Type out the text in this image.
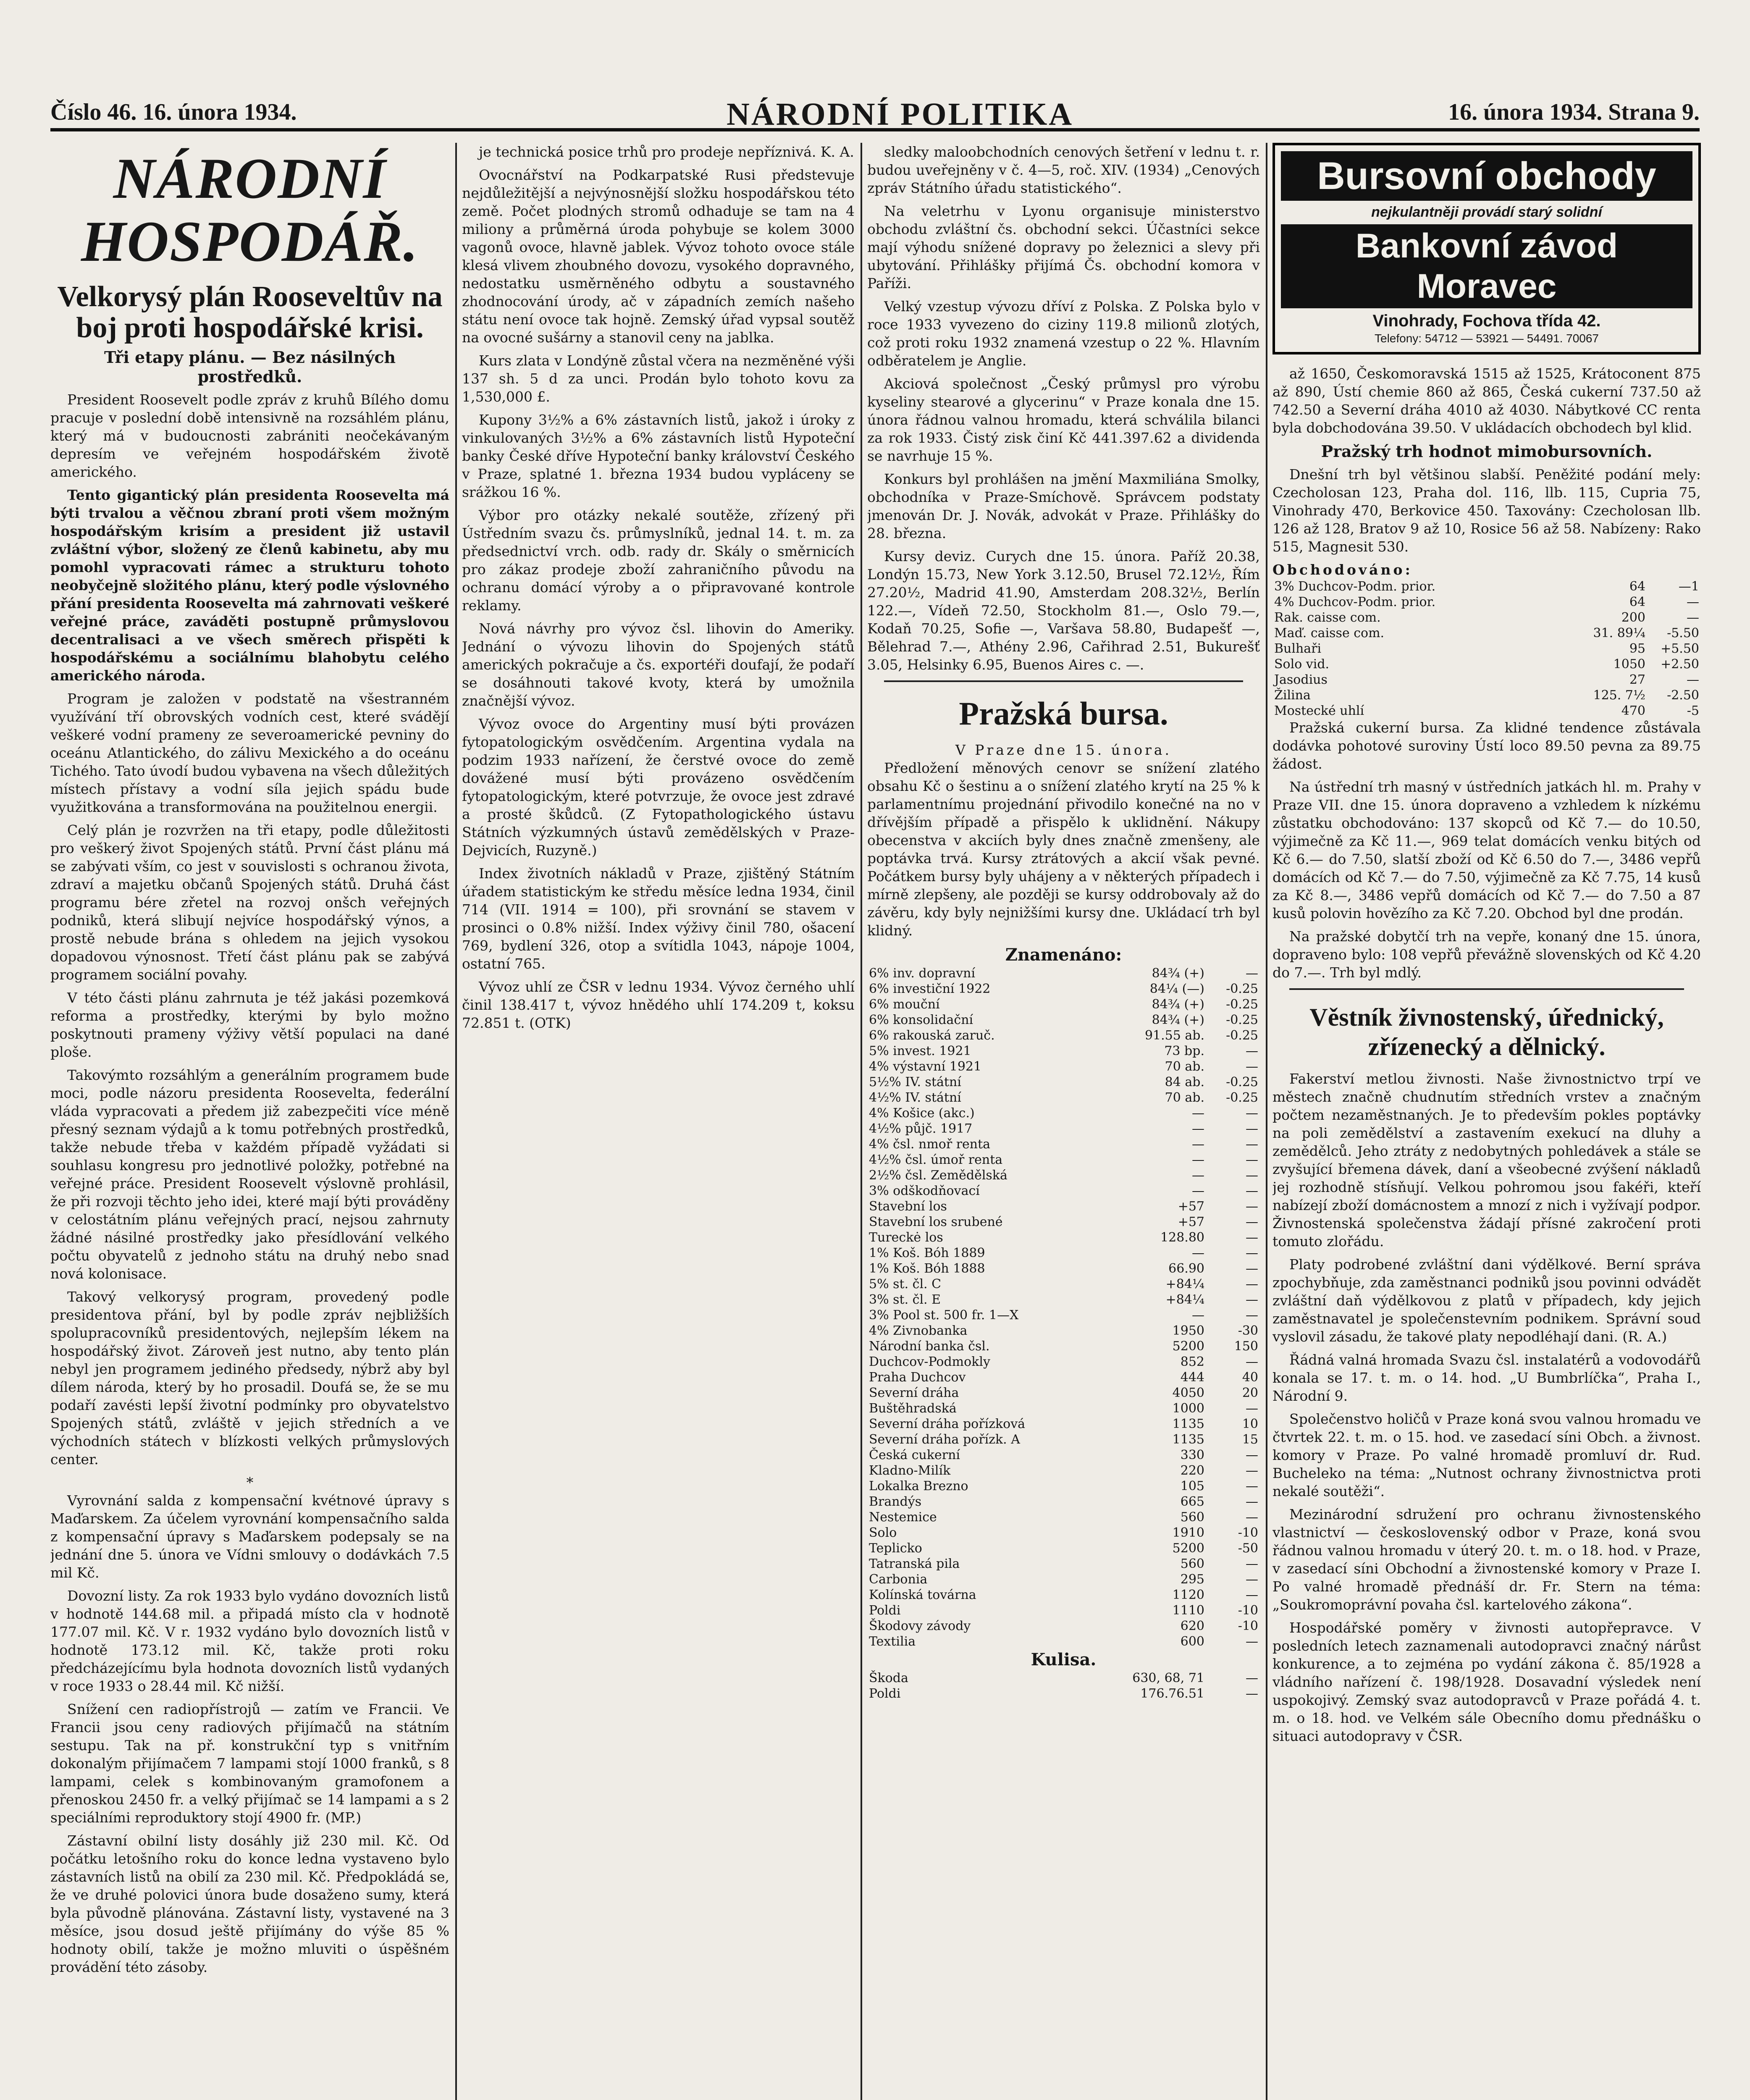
Číslo 46. 16. února 1934.	NÁRODNÍ POLITIKA	16. února 1934. Strana 9.
NÁRODNÍ HOSPODÁŘ.
Velkorysý plán Rooseveltův na boj proti hospodářské krisi.
Tři etapy plánu. — Bez násilných prostředků.

President Roosevelt podle zpráv z kruhů Bílého domu pracuje v poslední době intensivně na rozsáhlém plánu, který má v budoucnosti zabrániti neočekávaným depresím ve veřejném hospodářském životě amerického.

Tento gigantický plán presidenta Roosevelta má býti trvalou a věčnou zbraní proti všem možným hospodářským krisím a president již ustavil zvláštní výbor, složený ze členů kabinetu, aby mu pomohl vypracovati rámec a strukturu tohoto neobyčejně složitého plánu, který podle výslovného přání presidenta Roosevelta má zahrnovati veškeré veřejné práce, zaváděti postupně průmyslovou decentralisaci a ve všech směrech přispěti k hospodářskému a sociálnímu blahobytu celého amerického národa.

Program je založen v podstatě na všestranném využívání tří obrovských vodních cest, které svádějí veškeré vodní prameny ze severoamerické pevniny do oceánu Atlantického, do zálivu Mexického a do oceánu Tichého. Tato úvodí budou vybavena na všech důležitých místech přístavy a vodní síla jejich spádu bude využitkována a transformována na použitelnou energii.

Celý plán je rozvržen na tři etapy, podle důležitosti pro veškerý život Spojených států. První část plánu má se zabývati vším, co jest v souvislosti s ochranou života, zdraví a majetku občanů Spojených států. Druhá část programu bére zřetel na rozvoj onšch veřejných podniků, která slibují nejvíce hospodářský výnos, a prostě nebude brána s ohledem na jejich vysokou dopadovou výnosnost. Třetí část plánu pak se zabývá programem sociální povahy.

V této části plánu zahrnuta je též jakási pozemková reforma a prostředky, kterými by bylo možno poskytnouti prameny výživy větší populaci na dané ploše.

Takovýmto rozsáhlým a generálním programem bude moci, podle názoru presidenta Roosevelta, federální vláda vypracovati a předem již zabezpečiti více méně přesný seznam výdajů a k tomu potřebných prostředků, takže nebude třeba v každém případě vyžádati si souhlasu kongresu pro jednotlivé položky, potřebné na veřejné práce. President Roosevelt výslovně prohlásil, že při rozvoji těchto jeho idei, které mají býti prováděny v celostátním plánu veřejných prací, nejsou zahrnuty žádné násilné prostředky jako přesídlování velkého počtu obyvatelů z jednoho státu na druhý nebo snad nová kolonisace.

Takový velkorysý program, provedený podle presidentova přání, byl by podle zpráv nejbližších spolupracovníků presidentových, nejlepším lékem na hospodářský život. Zároveň jest nutno, aby tento plán nebyl jen programem jediného předsedy, nýbrž aby byl dílem národa, který by ho prosadil. Doufá se, že se mu podaří zavésti lepší životní podmínky pro obyvatelstvo Spojených států, zvláště v jejich středních a ve východních státech v blízkosti velkých průmyslových center.

*

Vyrovnání salda z kompensační kvétnové úpravy s Maďarskem. Za účelem vyrovnání kompensačního salda z kompensační úpravy s Maďarskem podepsaly se na jednání dne 5. února ve Vídni smlouvy o dodávkách 7.5 mil Kč.

Dovozní listy. Za rok 1933 bylo vydáno dovozních listů v hodnotě 144.68 mil. a připadá místo cla v hodnotě 177.07 mil. Kč. V r. 1932 vydáno bylo dovozních listů v hodnotě 173.12 mil. Kč, takže proti roku předcházejícímu byla hodnota dovozních listů vydaných v roce 1933 o 28.44 mil. Kč nižší.

Snížení cen radiopřístrojů — zatím ve Francii. Ve Francii jsou ceny radiových přijímačů na státním sestupu. Tak na př. konstrukční typ s vnitřním dokonalým přijímačem 7 lampami stojí 1000 franků, s 8 lampami, celek s kombinovaným gramofonem a přenoskou 2450 fr. a velký přijímač se 14 lampami a s 2 speciálními reproduktory stojí 4900 fr. (MP.)

Zástavní obilní listy dosáhly již 230 mil. Kč. Od počátku letošního roku do konce ledna vystaveno bylo zástavních listů na obilí za 230 mil. Kč. Předpokládá se, že ve druhé polovici února bude dosaženo sumy, která byla původně plánována. Zástavní listy, vystavené na 3 měsíce, jsou dosud ještě přijímány do výše 85 % hodnoty obilí, takže je možno mluviti o úspěšném provádění této zásoby.

je technická posice trhů pro prodeje nepříznivá. K. A.

Ovocnářství na Podkarpatské Rusi předstevuje nejdůležitější a nejvýnosnější složku hospodářskou této země. Počet plodných stromů odhaduje se tam na 4 miliony a průměrná úroda pohybuje se kolem 3000 vagonů ovoce, hlavně jablek. Vývoz tohoto ovoce stále klesá vlivem zhoubného dovozu, vysokého dopravného, nedostatku usměrněného odbytu a soustavného zhodnocování úrody, ač v západních zemích našeho státu není ovoce tak hojně. Zemský úřad vypsal soutěž na ovocné sušárny a stanovil ceny na jablka.

Kurs zlata v Londýně zůstal včera na nezměněné výši 137 sh. 5 d za unci. Prodán bylo tohoto kovu za 1,530,000 £.

Kupony 3½% a 6% zástavních listů, jakož i úroky z vinkulovaných 3½% a 6% zástavních listů Hypoteční banky České dříve Hypoteční banky království Českého v Praze, splatné 1. března 1934 budou vypláceny se srážkou 16 %.

Výbor pro otázky nekalé soutěže, zřízený při Ústředním svazu čs. průmyslníků, jednal 14. t. m. za předsednictví vrch. odb. rady dr. Skály o směrnicích pro zákaz prodeje zboží zahraničního původu na ochranu domácí výroby a o připravované kontrole reklamy.

Nová návrhy pro vývoz čsl. lihovin do Ameriky. Jednání o vývozu lihovin do Spojených států amerických pokračuje a čs. exportéři doufají, že podaří se dosáhnouti takové kvoty, která by umožnila značnější vývoz.

Vývoz ovoce do Argentiny musí býti provázen fytopatologickým osvědčením. Argentina vydala na podzim 1933 nařízení, že čerstvé ovoce do země dovážené musí býti provázeno osvědčením fytopatologickým, které potvrzuje, že ovoce jest zdravé a prosté škůdců. (Z Fytopathologického ústavu Státních výzkumných ústavů zemědělských v Praze-Dejvicích, Ruzyně.)

Index životních nákladů v Praze, zjištěný Státním úřadem statistickým ke středu měsíce ledna 1934, činil 714 (VII. 1914 = 100), při srovnání se stavem v prosinci o 0.8% nižší. Index výživy činil 780, ošacení 769, bydlení 326, otop a svítidla 1043, nápoje 1004, ostatní 765.

Vývoz uhlí ze ČSR v lednu 1934. Vývoz černého uhlí činil 138.417 t, vývoz hnědého uhlí 174.209 t, koksu 72.851 t. (OTK)

sledky maloobchodních cenových šetření v lednu t. r. budou uveřejněny v č. 4—5, roč. XIV. (1934) „Cenových zpráv Státního úřadu statistického“.

Na veletrhu v Lyonu organisuje ministerstvo obchodu zvláštní čs. obchodní sekci. Účastníci sekce mají výhodu snížené dopravy po železnici a slevy při ubytování. Přihlášky přijímá Čs. obchodní komora v Paříži.

Velký vzestup vývozu dříví z Polska. Z Polska bylo v roce 1933 vyvezeno do ciziny 119.8 milionů zlotých, což proti roku 1932 znamená vzestup o 22 %. Hlavním odběratelem je Anglie.

Akciová společnost „Český průmysl pro výrobu kyseliny stearové a glycerinu“ v Praze konala dne 15. února řádnou valnou hromadu, která schválila bilanci za rok 1933. Čistý zisk činí Kč 441.397.62 a dividenda se navrhuje 15 %.

Konkurs byl prohlášen na jmění Maxmiliána Smolky, obchodníka v Praze-Smíchově. Správcem podstaty jmenován Dr. J. Novák, advokát v Praze. Přihlášky do 28. března.

Kursy deviz. Curych dne 15. února. Paříž 20.38, Londýn 15.73, New York 3.12.50, Brusel 72.12½, Řím 27.20½, Madrid 41.90, Amsterdam 208.32½, Berlín 122.—, Vídeň 72.50, Stockholm 81.—, Oslo 79.—, Kodaň 70.25, Sofie —, Varšava 58.80, Budapešť —, Bělehrad 7.—, Athény 2.96, Cařihrad 2.51, Bukurešť 3.05, Helsinky 6.95, Buenos Aires c. —.

Pražská bursa.
V Praze dne 15. února.

Předložení měnových cenovr se snížení zlatého obsahu Kč o šestinu a o snížení zlatého krytí na 25 % k parlamentnímu projednání přivodilo konečné na no v dřívějším případě a přispělo k uklidnění. Nákupy obecenstva v akciích byly dnes značně zmenšeny, ale poptávka trvá. Kursy ztrátových a akcií však pevné. Počátkem bursy byly uhájeny a v některých případech i mírně zlepšeny, ale později se kursy oddrobovaly až do závěru, kdy byly nejnižšími kursy dne. Ukládací trh byl klidný.

Znamenáno:
6% inv. dopravní	84¾ (+)	—
6% investiční 1922	84¼ (—)	-0.25
6% mouční	84¾ (+)	-0.25
6% konsolidační	84¾ (+)	-0.25
6% rakouská zaruč.	91.55 ab.	-0.25
5% invest. 1921	73 bp.	—
4% výstavní 1921	70 ab.	—
5½% IV. státní	84 ab.	-0.25
4½% IV. státní	70 ab.	-0.25
4% Košice (akc.)	—	—
4½% půjč. 1917	—	—
4% čsl. nmoř renta	—	—
4½% čsl. úmoř renta	—	—
2½% čsl. Zemědělská	—	—
3% odškodňovací	—	—
Stavební los	+57	—
Stavební los srubené	+57	—
Tureckė los	128.80	—
1% Koš. Bóh 1889	—	—
1% Koš. Bóh 1888	66.90	—
5% st. čl. C	+84¼	—
3% st. čl. E	+84¼	—
3% Pool st. 500 fr. 1—X	—	—
4% Zivnobanka	1950	-30
Národní banka čsl.	5200	150
Duchcov-Podmokly	852	—
Praha Duchcov	444	40
Severní dráha	4050	20
Buštěhradská	1000	—
Severní dráha pořízková	1135	10
Severní dráha pořízk. A	1135	15
Česká cukerní	330	—
Kladno-Milík	220	—
Lokalka Brezno	105	—
Brandýs	665	—
Nestemice	560	—
Solo	1910	-10
Teplicko	5200	-50
Tatranská pila	560	—
Carbonia	295	—
Kolínská továrna	1120	—
Poldi	1110	-10
Škodovy závody	620	-10
Textilia	600	—
Kulisa.
Škoda	630, 68, 71	—
Poldi	176.76.51	—
Bursovní obchody
nejkulantněji provádí starý solidní
Bankovní závod Moravec
Vinohrady, Fochova třída 42.
Telefony: 54712 — 53921 — 54491. 70067

až 1650, Českomoravská 1515 až 1525, Krátoconent 875 až 890, Ústí chemie 860 až 865, Česká cukerní 737.50 až 742.50 a Severní dráha 4010 až 4030. Nábytkové CC renta byla dobchodována 39.50. V ukládacích obchodech byl klid.

Pražský trh hodnot mimobursovních.

Dnešní trh byl většinou slabší. Peněžité podání mely: Czecholosan 123, Praha dol. 116, llb. 115, Cupria 75, Vinohrady 470, Berkovice 450. Taxovány: Czecholosan llb. 126 až 128, Bratov 9 až 10, Rosice 56 až 58. Nabízeny: Rako 515, Magnesit 530.

Obchodováno:
3% Duchcov-Podm. prior.	64	—1
4% Duchcov-Podm. prior.	64	—
Rak. caisse com.	200	—
Maď. caisse com.	31. 89¼	-5.50
Bulhaři	95	+5.50
Solo vid.	1050	+2.50
Jasodius	27	—
Žilina	125. 7½	-2.50
Mostecké uhlí	470	-5

Pražská cukerní bursa. Za klidné tendence zůstávala dodávka pohotové suroviny Ústí loco 89.50 pevna za 89.75 žádost.

Na ústřední trh masný v ústředních jatkách hl. m. Prahy v Praze VII. dne 15. února dopraveno a vzhledem k nízkému zůstatku obchodováno: 137 skopců od Kč 7.— do 10.50, výjimečně za Kč 11.—, 969 telat domácích venku bitých od Kč 6.— do 7.50, slatší zboží od Kč 6.50 do 7.—, 3486 vepřů domácích od Kč 7.— do 7.50, výjimečně za Kč 7.75, 14 kusů za Kč 8.—, 3486 vepřů domácích od Kč 7.— do 7.50 a 87 kusů polovin hovězího za Kč 7.20. Obchod byl dne prodán.

Na pražské dobytčí trh na vepře, konaný dne 15. února, dopraveno bylo: 108 vepřů převážně slovenských od Kč 4.20 do 7.—. Trh byl mdlý.

Věstník živnostenský, úřednický, zřízenecký a dělnický.

Fakerství metlou živnosti. Naše živnostnictvo trpí ve městech značně chudnutím středních vrstev a značným počtem nezaměstnaných. Je to především pokles poptávky na poli zemědělství a zastavením exekucí na dluhy a zemědělců. Jeho ztráty z nedobytných pohledávek a stále se zvyšující břemena dávek, daní a všeobecné zvýšení nákladů jej rozhodně stísňují. Velkou pohromou jsou fakéři, kteří nabízejí zboží domácnostem a mnozí z nich i vyžívají podpor. Živnostenská společenstva žádají přísné zakročení proti tomuto zlořádu.

Platy podrobené zvláštní dani výdělkové. Berní správa zpochybňuje, zda zaměstnanci podniků jsou povinni odvádět zvláštní daň výdělkovou z platů v případech, kdy jejich zaměstnavatel je společenstevním podnikem. Správní soud vyslovil zásadu, že takové platy nepodléhají dani. (R. A.)

Řádná valná hromada Svazu čsl. instalatérů a vodovodářů konala se 17. t. m. o 14. hod. „U Bumbrlíčka“, Praha I., Národní 9.

Společenstvo holičů v Praze koná svou valnou hromadu ve čtvrtek 22. t. m. o 15. hod. ve zasedací síni Obch. a živnost. komory v Praze. Po valné hromadě promluví dr. Rud. Bucheleko na téma: „Nutnost ochrany živnostnictva proti nekalé soutěži“.

Mezinárodní sdružení pro ochranu živnostenského vlastnictví — československý odbor v Praze, koná svou řádnou valnou hromadu v úterý 20. t. m. o 18. hod. v Praze, v zasedací síni Obchodní a živnostenské komory v Praze I. Po valné hromadě přednáší dr. Fr. Stern na téma: „Soukromoprávní povaha čsl. kartelového zákona“.

Hospodářské poměry v živnosti autopřepravce. V posledních letech zaznamenali autodopravci značný nárůst konkurence, a to zejména po vydání zákona č. 85/1928 a vládního nařízení č. 198/1928. Dosavadní výsledek není uspokojivý. Zemský svaz autodopravců v Praze pořádá 4. t. m. o 18. hod. ve Velkém sále Obecního domu přednášku o situaci autodopravy v ČSR.
